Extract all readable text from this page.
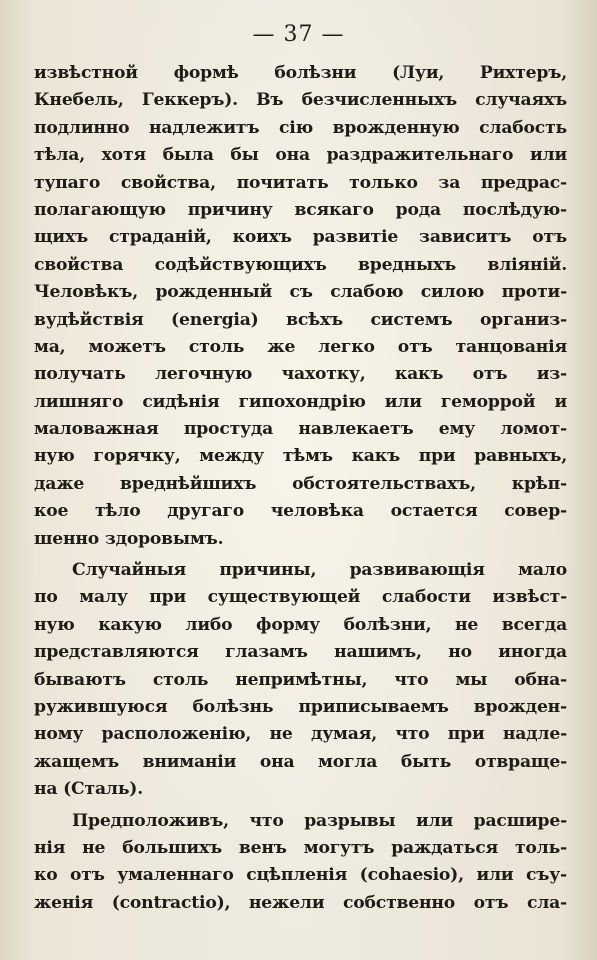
— 37 —
извѣстной формѣ болѣзни (Луи, Рихтеръ,
Кнебель, Геккеръ). Въ безчисленныхъ случаяхъ
подлинно надлежитъ сію врожденную слабость
тѣла, хотя была бы она раздражительнаго или
тупаго свойства, почитать только за предрас-
полагающую причину всякаго рода послѣдую-
щихъ страданій, коихъ развитіе зависитъ отъ
свойства содѣйствующихъ вредныхъ вліяній.
Человѣкъ, рожденный съ слабою силою проти-
вудѣйствія (energia) всѣхъ системъ организ-
ма, можетъ столь же легко отъ танцованія
получать легочную чахотку, какъ отъ из-
лишняго сидѣнія гипохондрію или геморрой и
маловажная простуда навлекаетъ ему ломот-
ную горячку, между тѣмъ какъ при равныхъ,
даже вреднѣйшихъ обстоятельствахъ, крѣп-
кое тѣло другаго человѣка остается совер-
шенно здоровымъ.
Случайныя причины, развивающія мало
по малу при существующей слабости извѣст-
ную какую либо форму болѣзни, не всегда
представляются глазамъ нашимъ, но иногда
бываютъ столь непримѣтны, что мы обна-
ружившуюся болѣзнь приписываемъ врожден-
ному расположенію, не думая, что при надле-
жащемъ вниманіи она могла быть отвраще-
на (Сталь).
Предположивъ, что разрывы или расшире-
нія не большихъ венъ могутъ раждаться толь-
ко отъ умаленнаго сцѣпленія (cohaesio), или съу-
женія (contractio), нежели собственно отъ сла-
